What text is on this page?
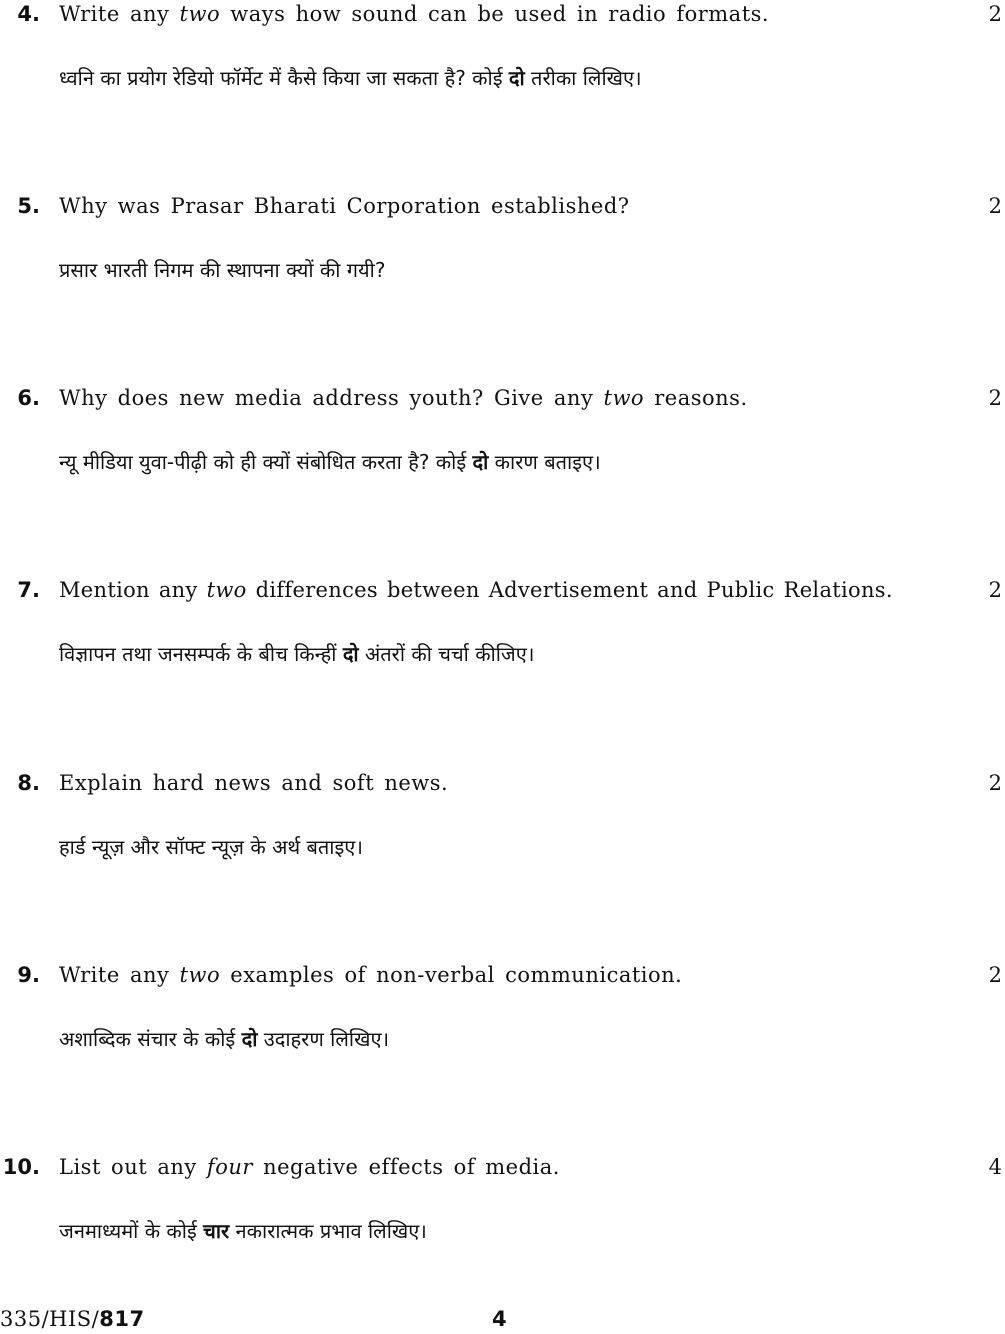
4. Write any two ways how sound can be used in radio formats.
ध्वनि का प्रयोग रेडियो फॉर्मेट में कैसे किया जा सकता है? कोई दो तरीका लिखिए।
2
5. Why was Prasar Bharati Corporation established?
प्रसार भारती निगम की स्थापना क्यों की गयी?
2
6. Why does new media address youth? Give any two reasons.
न्यू मीडिया युवा-पीढ़ी को ही क्यों संबोधित करता है? कोई दो कारण बताइए।
2
7. Mention any two differences between Advertisement and Public Relations.
विज्ञापन तथा जनसम्पर्क के बीच किन्हीं दो अंतरों की चर्चा कीजिए।
2
8. Explain hard news and soft news.
हार्ड न्यूज़ और सॉफ्ट न्यूज़ के अर्थ बताइए।
2
9. Write any two examples of non-verbal communication.
अशाब्दिक संचार के कोई दो उदाहरण लिखिए।
2
10. List out any four negative effects of media.
जनमाध्यमों के कोई चार नकारात्मक प्रभाव लिखिए।
4
335/HIS/817	4
